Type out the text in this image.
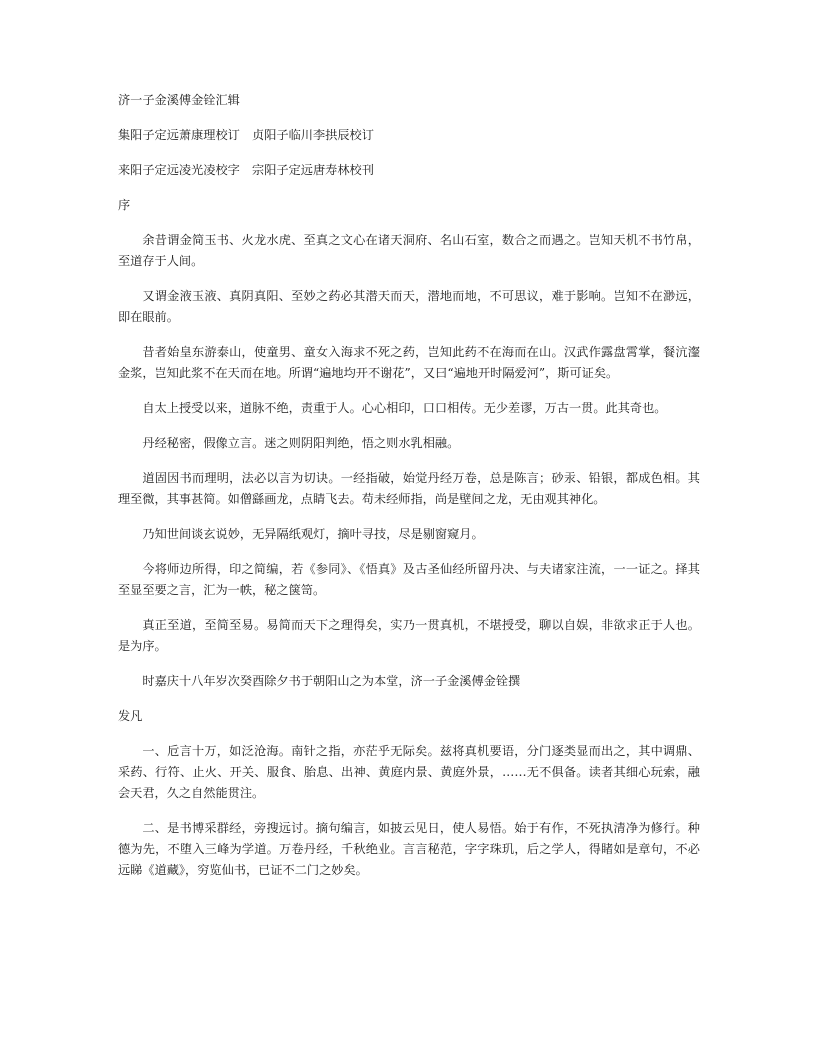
济一子金溪傅金铨汇辑
集阳子定远萧康理校订　贞阳子临川李拱辰校订
来阳子定远凌光凌校字　宗阳子定远唐寿林校刊
序

余昔谓金简玉书、火龙水虎、至真之文心在诸天洞府、名山石室，数合之而遇之。岂知天机不书竹帛，至道存于人间。

又谓金液玉液、真阴真阳、至妙之药必其潜天而天，潜地而地，不可思议，难于影响。岂知不在渺远，即在眼前。

昔者始皇东游泰山，使童男、童女入海求不死之药，岂知此药不在海而在山。汉武作露盘霄掌，餐沆瀣金浆，岂知此浆不在天而在地。所谓“遍地均开不谢花”，又曰“遍地开时隔爱河”，斯可证矣。

自太上授受以来，道脉不绝，责重于人。心心相印，口口相传。无少差谬，万古一贯。此其奇也。

丹经秘密，假像立言。迷之则阴阳判绝，悟之则水乳相融。

道固因书而理明，法必以言为切诀。一经指破，始觉丹经万卷，总是陈言；砂汞、铅银，都成色相。其理至微，其事甚简。如僧繇画龙，点睛飞去。苟未经师指，尚是壁间之龙，无由观其神化。

乃知世间谈玄说妙，无异隔纸观灯，摘叶寻技，尽是剔窗窥月。

今将师边所得，印之简编，若《参同》、《悟真》及古圣仙经所留丹决、与夫诸家注流，一一证之。择其至显至要之言，汇为一帙，秘之箧笥。

真正至道，至简至易。易简而天下之理得矣，实乃一贯真机，不堪授受，聊以自娱，非欲求正于人也。是为序。

时嘉庆十八年岁次癸酉除夕书于朝阳山之为本堂，济一子金溪傅金铨撰

发凡

一、卮言十万，如泛沧海。南针之指，亦茫乎无际矣。兹将真机要语，分门逐类显而出之，其中调鼎、采药、行符、止火、开关、服食、胎息、出神、黄庭内景、黄庭外景，……无不俱备。读者其细心玩索，融会天君，久之自然能贯注。

二、是书博采群经，旁搜远讨。摘句编言，如披云见日，使人易悟。始于有作，不死执清净为修行。种德为先，不堕入三峰为学道。万卷丹经，千秋绝业。言言秘范，字字珠玑，后之学人，得睹如是章句，不必远睇《道藏》，穷览仙书，已证不二门之妙矣。
